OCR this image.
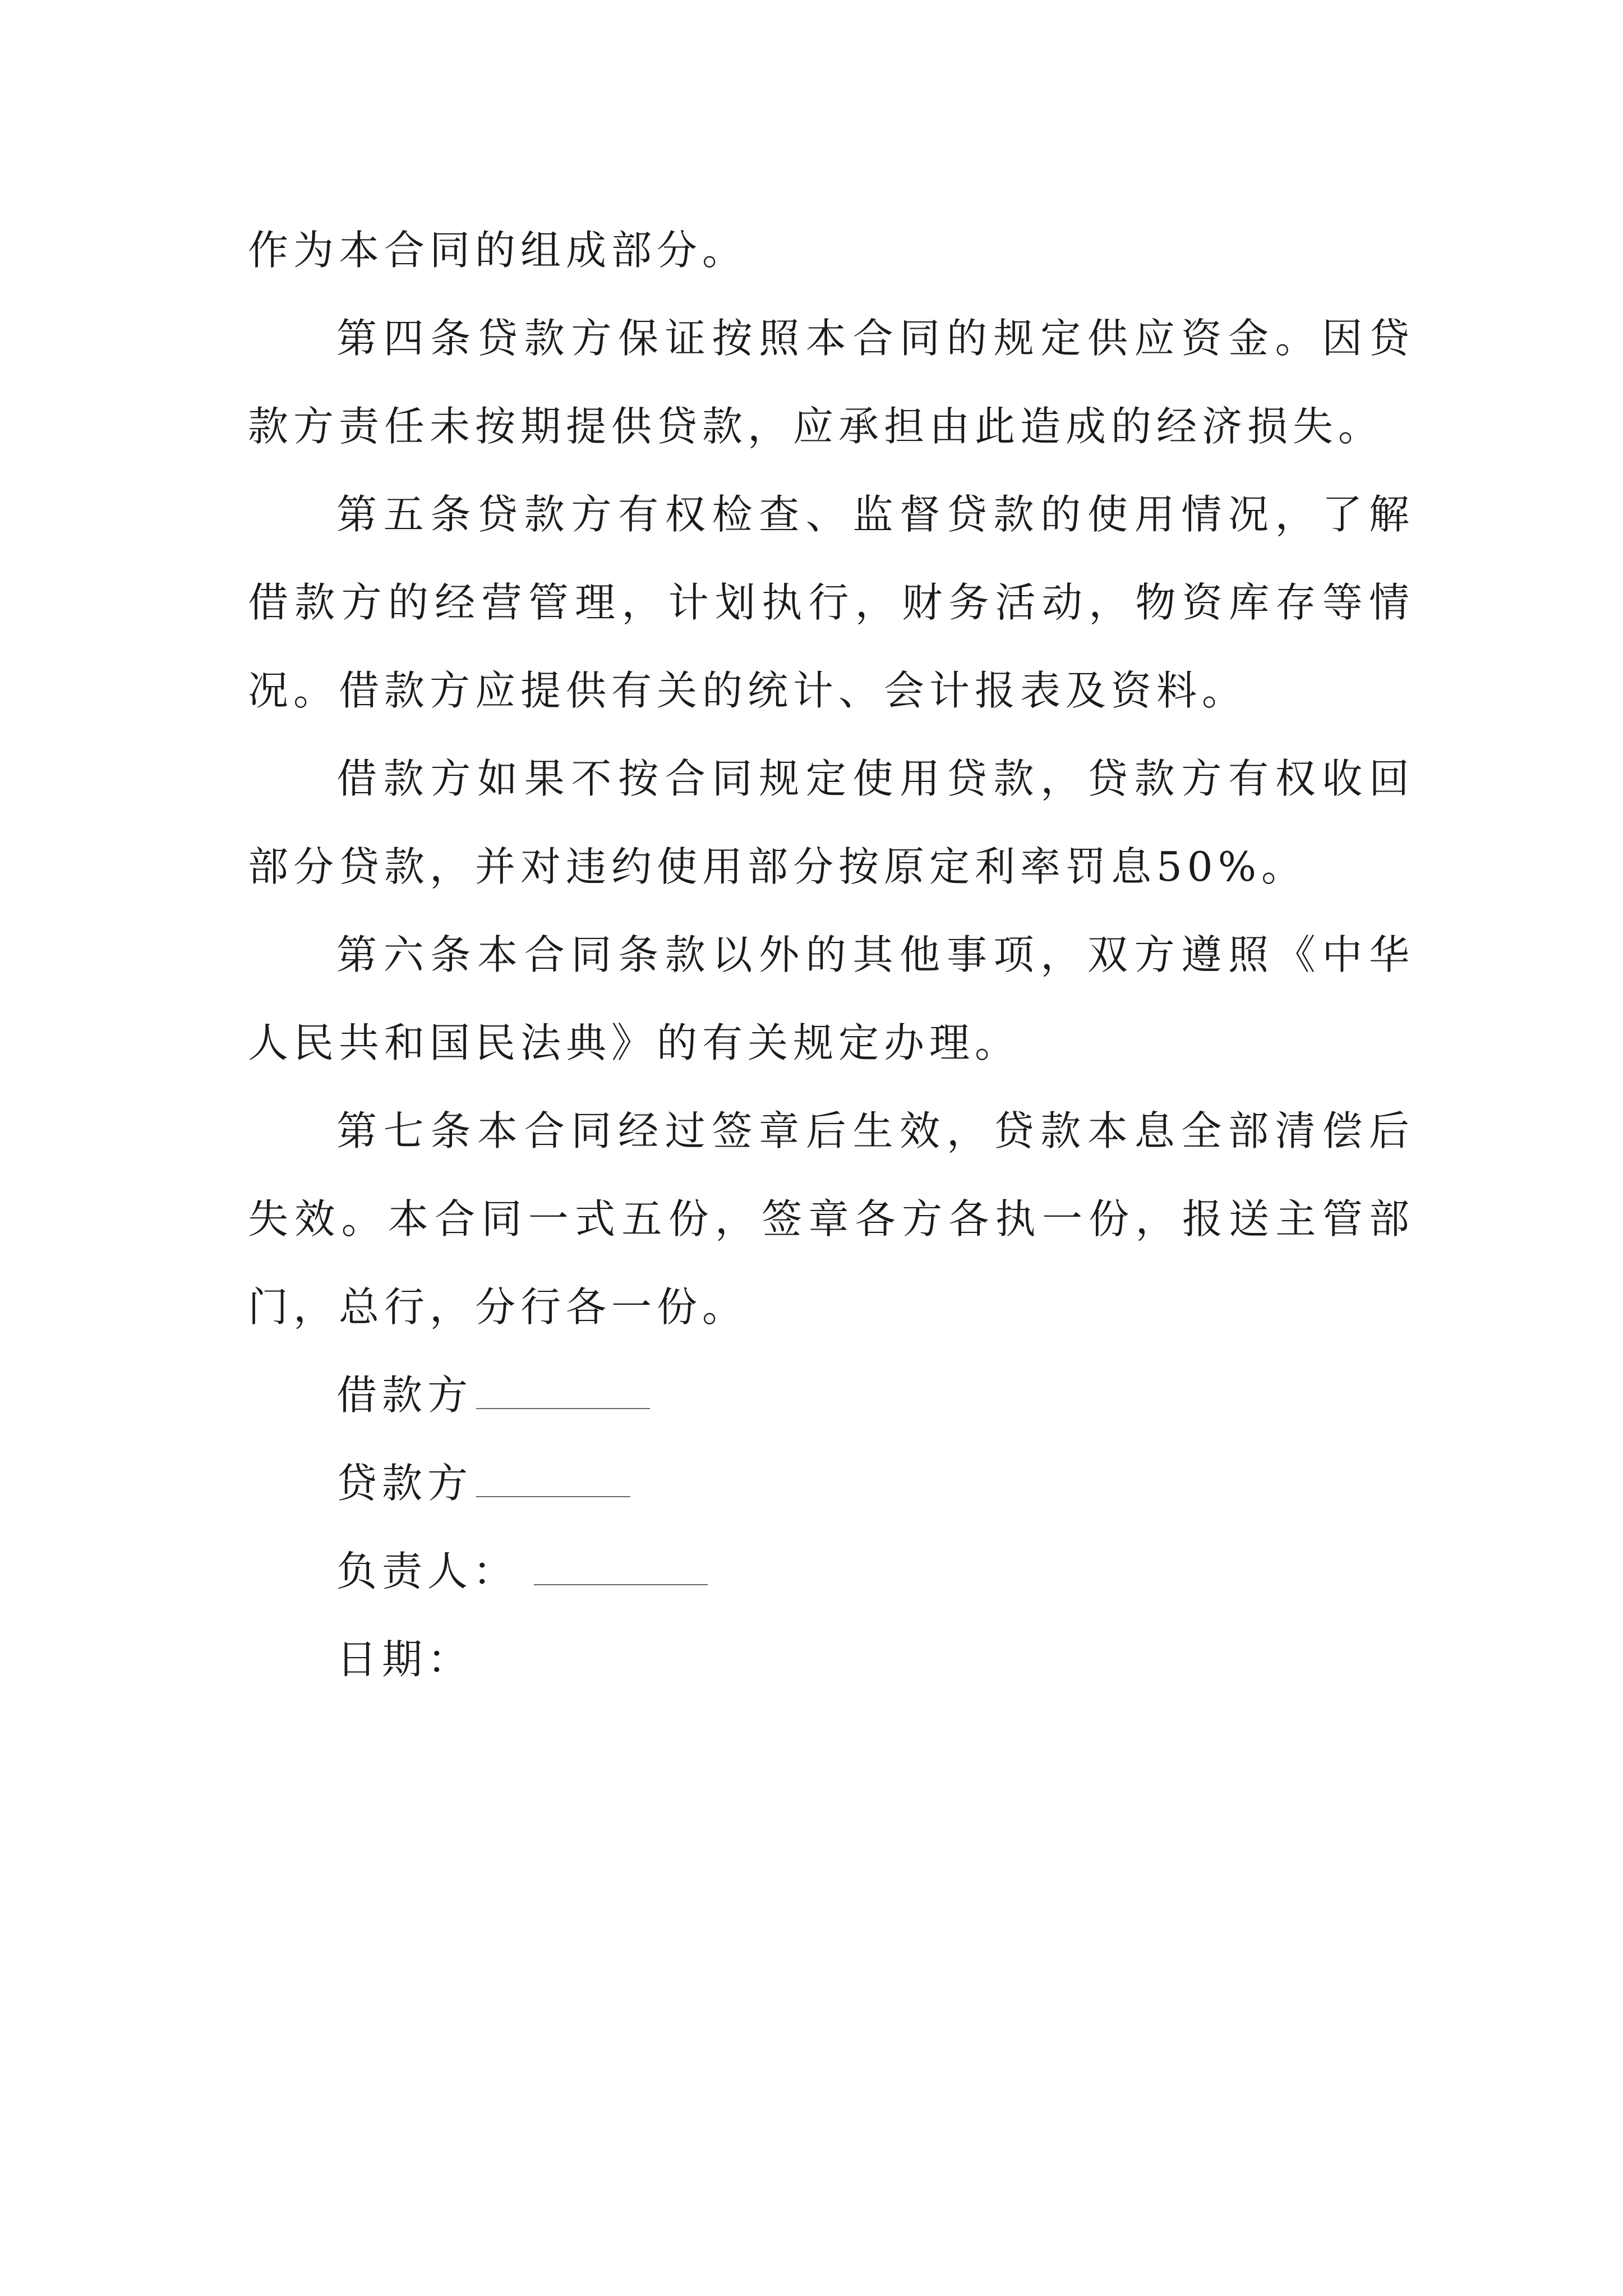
作为本合同的组成部分。

第四条贷款方保证按照本合同的规定供应资金。因贷款方责任未按期提供贷款，应承担由此造成的经济损失。

第五条贷款方有权检查、监督贷款的使用情况，了解借款方的经营管理，计划执行，财务活动，物资库存等情况。借款方应提供有关的统计、会计报表及资料。

借款方如果不按合同规定使用贷款，贷款方有权收回部分贷款，并对违约使用部分按原定利率罚息50%。

第六条本合同条款以外的其他事项，双方遵照《中华人民共和国民法典》的有关规定办理。

第七条本合同经过签章后生效，贷款本息全部清偿后失效。本合同一式五份，签章各方各执一份，报送主管部门，总行，分行各一份。

借款方

贷款方

负责人：

日期：
